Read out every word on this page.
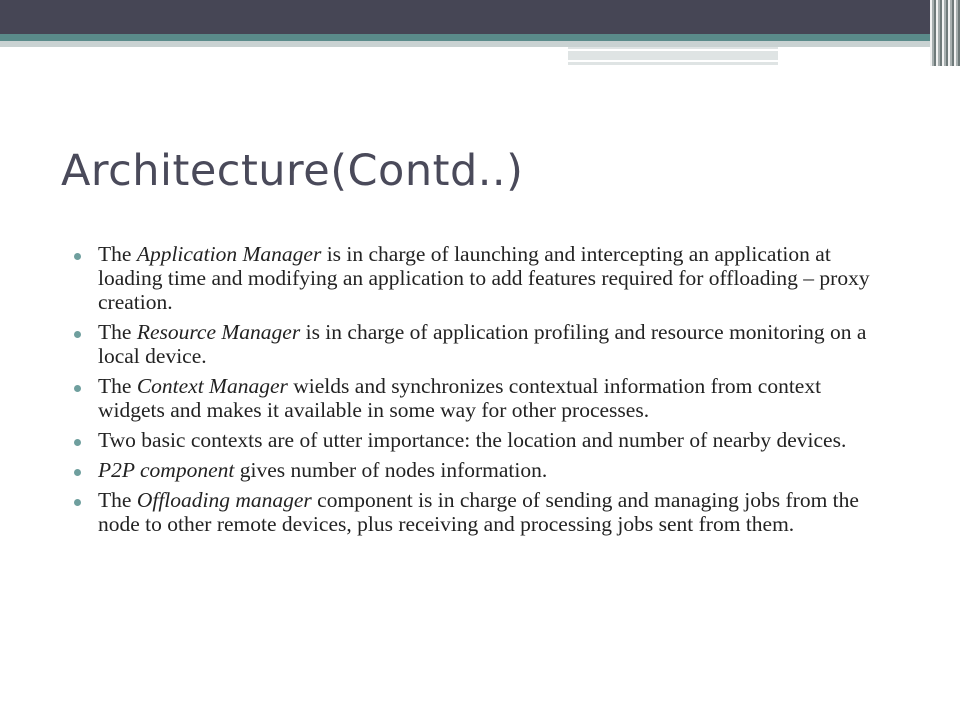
Architecture(Contd..)
The Application Manager is in charge of launching and intercepting an application at loading time and modifying an application to add features required for offloading – proxy creation.
The Resource Manager is in charge of application profiling and resource monitoring on a local device.
The Context Manager wields and synchronizes contextual information from context widgets and makes it available in some way for other processes.
Two basic contexts are of utter importance: the location and number of nearby devices.
P2P component gives number of nodes information.
The Offloading manager component is in charge of sending and managing jobs from the node to other remote devices, plus receiving and processing jobs sent from them.
